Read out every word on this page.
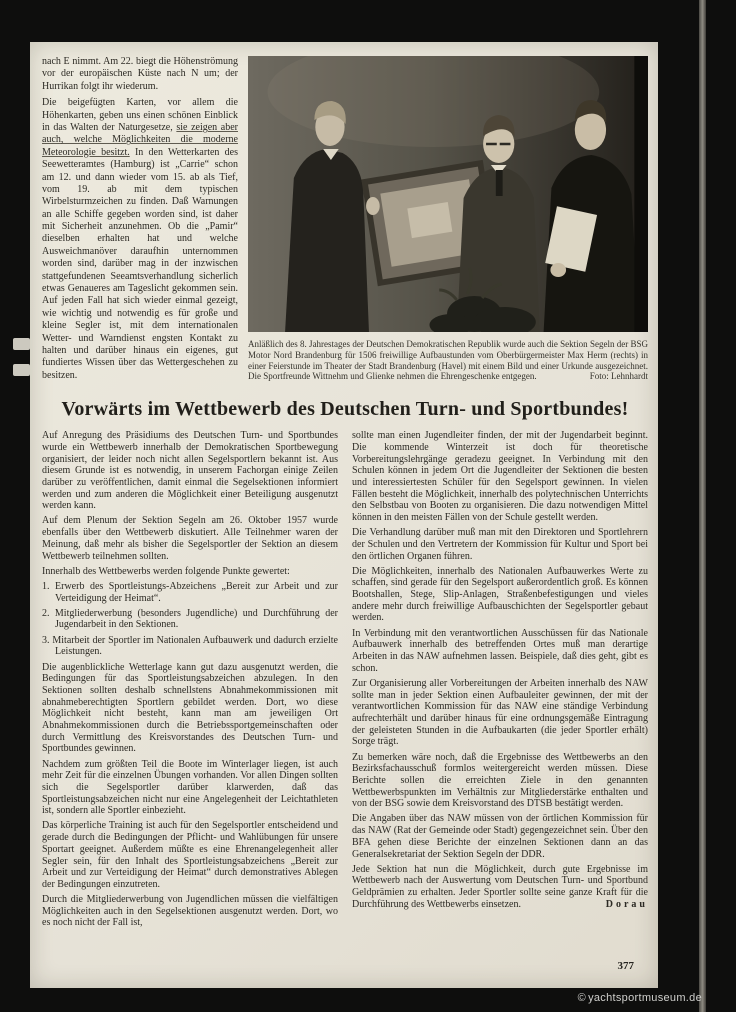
nach E nimmt. Am 22. biegt die Höhenströmung vor der europäischen Küste nach N um; der Hurrikan folgt ihr wiederum.

Die beigefügten Karten, vor allem die Höhenkarten, geben uns einen schönen Einblick in das Walten der Naturgesetze, sie zeigen aber auch, welche Möglichkeiten die moderne Meteorologie besitzt. In den Wetterkarten des Seewetteramtes (Hamburg) ist „Carrie“ schon am 12. und dann wieder vom 15. ab als Tief, vom 19. ab mit dem typischen Wirbelsturmzeichen zu finden. Daß Warnungen an alle Schiffe gegeben worden sind, ist daher mit Sicherheit anzunehmen. Ob die „Pamir“ dieselben erhalten hat und welche Ausweichmanöver daraufhin unternommen worden sind, darüber mag in der inzwischen stattgefundenen Seeamtsverhandlung sicherlich etwas Genaueres am Tageslicht gekommen sein. Auf jeden Fall hat sich wieder einmal gezeigt, wie wichtig und notwendig es für große und kleine Segler ist, mit dem internationalen Wetter- und Warndienst engsten Kontakt zu halten und darüber hinaus ein eigenes, gut fundiertes Wissen über das Wettergeschehen zu besitzen.

Anläßlich des 8. Jahrestages der Deutschen Demokratischen Republik wurde auch die Sektion Segeln der BSG Motor Nord Brandenburg für 1506 freiwillige Aufbaustunden vom Oberbürgermeister Max Herm (rechts) in einer Feierstunde im Theater der Stadt Brandenburg (Havel) mit einem Bild und einer Urkunde ausgezeichnet. Die Sportfreunde Wittnehm und Glienke nehmen die Ehrengeschenke entgegen.	Foto: Lehnhardt

Vorwärts im Wettbewerb des Deutschen Turn- und Sportbundes!

Auf Anregung des Präsidiums des Deutschen Turn- und Sportbundes wurde ein Wettbewerb innerhalb der Demokratischen Sportbewegung organisiert, der leider noch nicht allen Segelsportlern bekannt ist. Aus diesem Grunde ist es notwendig, in unserem Fachorgan einige Zeilen darüber zu veröffentlichen, damit einmal die Segelsektionen informiert werden und zum anderen die Möglichkeit einer Beteiligung ausgenutzt werden kann.

Auf dem Plenum der Sektion Segeln am 26. Oktober 1957 wurde ebenfalls über den Wettbewerb diskutiert. Alle Teilnehmer waren der Meinung, daß mehr als bisher die Segelsportler der Sektion an diesem Wettbewerb teilnehmen sollten.

Innerhalb des Wettbewerbs werden folgende Punkte gewertet:

1. Erwerb des Sportleistungs-Abzeichens „Bereit zur Arbeit und zur Verteidigung der Heimat“.

2. Mitgliederwerbung (besonders Jugendliche) und Durchführung der Jugendarbeit in den Sektionen.

3. Mitarbeit der Sportler im Nationalen Aufbauwerk und dadurch erzielte Leistungen.

Die augenblickliche Wetterlage kann gut dazu ausgenutzt werden, die Bedingungen für das Sportleistungsabzeichen abzulegen. In den Sektionen sollten deshalb schnellstens Abnahmekommissionen mit abnahmeberechtigten Sportlern gebildet werden. Dort, wo diese Möglichkeit nicht besteht, kann man am jeweiligen Ort Abnahmekommissionen durch die Betriebssportgemeinschaften oder durch Vermittlung des Kreisvorstandes des Deutschen Turn- und Sportbundes gewinnen.

Nachdem zum größten Teil die Boote im Winterlager liegen, ist auch mehr Zeit für die einzelnen Übungen vorhanden. Vor allen Dingen sollten sich die Segelsportler darüber klarwerden, daß das Sportleistungsabzeichen nicht nur eine Angelegenheit der Leichtathleten ist, sondern alle Sportler einbezieht.

Das körperliche Training ist auch für den Segelsportler entscheidend und gerade durch die Bedingungen der Pflicht- und Wahlübungen für unsere Sportart geeignet. Außerdem müßte es eine Ehrenangelegenheit aller Segler sein, für den Inhalt des Sportleistungsabzeichens „Bereit zur Arbeit und zur Verteidigung der Heimat“ durch demonstratives Ablegen der Bedingungen einzutreten.

Durch die Mitgliederwerbung von Jugendlichen müssen die vielfältigen Möglichkeiten auch in den Segelsektionen ausgenutzt werden. Dort, wo es noch nicht der Fall ist,

sollte man einen Jugendleiter finden, der mit der Jugendarbeit beginnt. Die kommende Winterzeit ist doch für theoretische Vorbereitungslehrgänge geradezu geeignet. In Verbindung mit den Schulen können in jedem Ort die Jugendleiter der Sektionen die besten und interessiertesten Schüler für den Segelsport gewinnen. In vielen Fällen besteht die Möglichkeit, innerhalb des polytechnischen Unterrichts den Selbstbau von Booten zu organisieren. Die dazu notwendigen Mittel können in den meisten Fällen von der Schule gestellt werden.

Die Verhandlung darüber muß man mit den Direktoren und Sportlehrern der Schulen und den Vertretern der Kommission für Kultur und Sport bei den örtlichen Organen führen.

Die Möglichkeiten, innerhalb des Nationalen Aufbauwerkes Werte zu schaffen, sind gerade für den Segelsport außerordentlich groß. Es können Bootshallen, Stege, Slip-Anlagen, Straßenbefestigungen und vieles andere mehr durch freiwillige Aufbauschichten der Segelsportler gebaut werden.

In Verbindung mit den verantwortlichen Ausschüssen für das Nationale Aufbauwerk innerhalb des betreffenden Ortes muß man derartige Arbeiten in das NAW aufnehmen lassen. Beispiele, daß dies geht, gibt es schon.

Zur Organisierung aller Vorbereitungen der Arbeiten innerhalb des NAW sollte man in jeder Sektion einen Aufbauleiter gewinnen, der mit der verantwortlichen Kommission für das NAW eine ständige Verbindung aufrechterhält und darüber hinaus für eine ordnungsgemäße Eintragung der geleisteten Stunden in die Aufbaukarten (die jeder Sportler erhält) Sorge trägt.

Zu bemerken wäre noch, daß die Ergebnisse des Wettbewerbs an den Bezirksfachausschuß formlos weitergereicht werden müssen. Diese Berichte sollen die erreichten Ziele in den genannten Wettbewerbspunkten im Verhältnis zur Mitgliederstärke enthalten und von der BSG sowie dem Kreisvorstand des DTSB bestätigt werden.

Die Angaben über das NAW müssen von der örtlichen Kommission für das NAW (Rat der Gemeinde oder Stadt) gegengezeichnet sein. Über den BFA gehen diese Berichte der einzelnen Sektionen dann an das Generalsekretariat der Sektion Segeln der DDR.

Jede Sektion hat nun die Möglichkeit, durch gute Ergebnisse im Wettbewerb nach der Auswertung vom Deutschen Turn- und Sportbund Geldprämien zu erhalten. Jeder Sportler sollte seine ganze Kraft für die Durchführung des Wettbewerbs einsetzen.	Dorau

377
© yachtsportmuseum.de
